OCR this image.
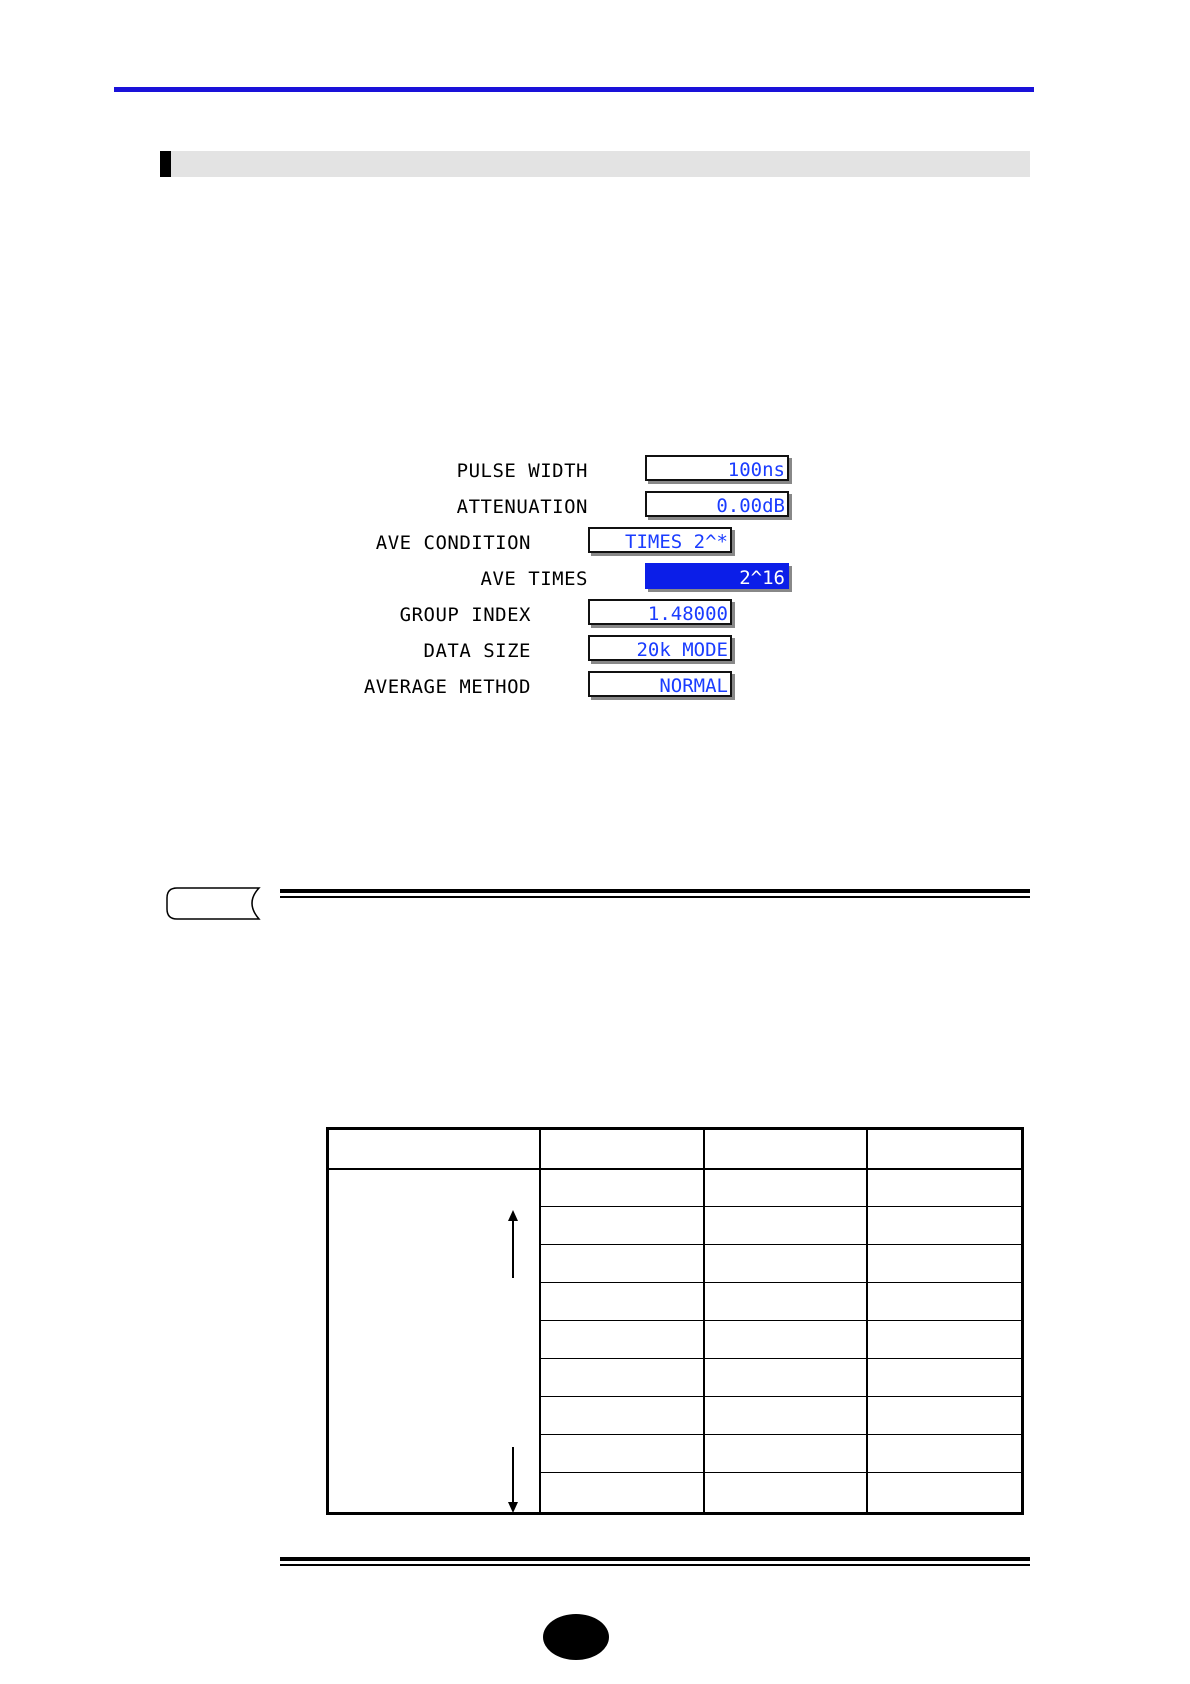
PULSE WIDTH	100ns
ATTENUATION	0.00dB
AVE CONDITION	TIMES 2^*
AVE TIMES	2^16
GROUP INDEX	1.48000
DATA SIZE	20k MODE
AVERAGE METHOD	NORMAL
